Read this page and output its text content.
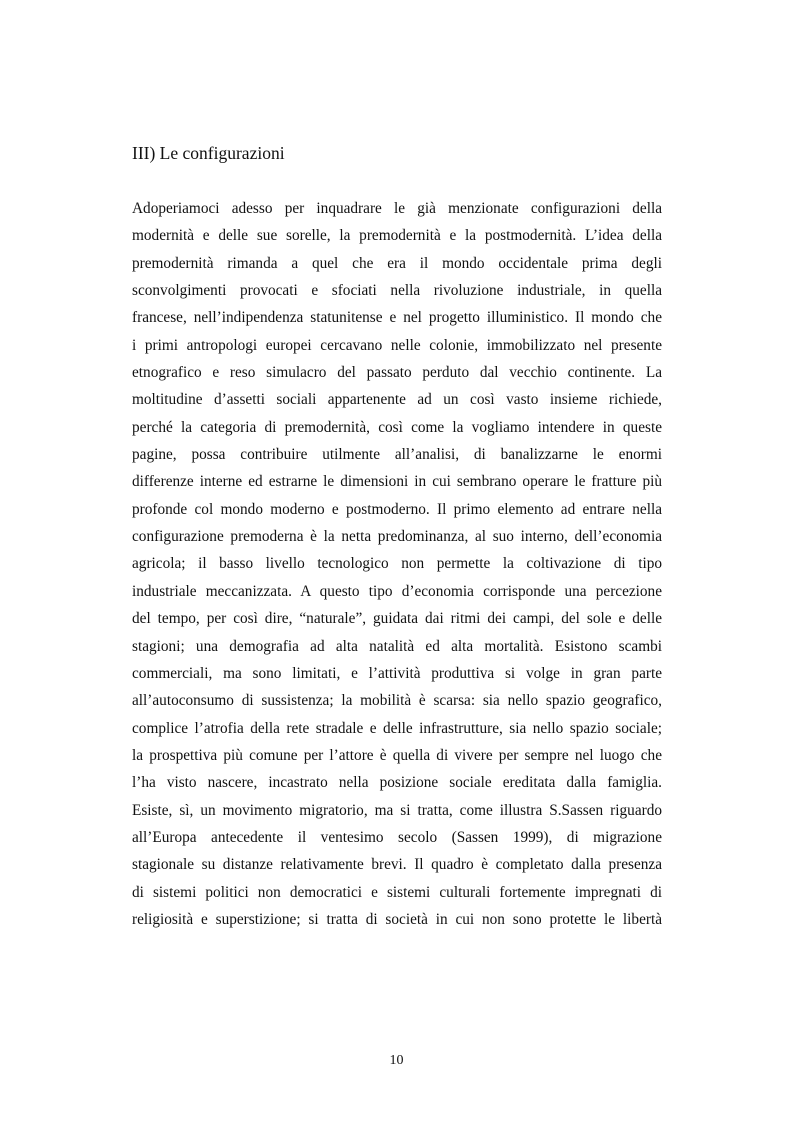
III) Le configurazioni
Adoperiamoci adesso per inquadrare le già menzionate configurazioni della
modernità e delle sue sorelle, la premodernità e la postmodernità. L’idea della
premodernità rimanda a quel che era il mondo occidentale prima degli
sconvolgimenti provocati e sfociati nella rivoluzione industriale, in quella
francese, nell’indipendenza statunitense e nel progetto illuministico. Il mondo che
i primi antropologi europei cercavano nelle colonie, immobilizzato nel presente
etnografico e reso simulacro del passato perduto dal vecchio continente. La
moltitudine d’assetti sociali appartenente ad un così vasto insieme richiede,
perché la categoria di premodernità, così come la vogliamo intendere in queste
pagine, possa contribuire utilmente all’analisi, di banalizzarne le enormi
differenze interne ed estrarne le dimensioni in cui sembrano operare le fratture più
profonde col mondo moderno e postmoderno. Il primo elemento ad entrare nella
configurazione premoderna è la netta predominanza, al suo interno, dell’economia
agricola; il basso livello tecnologico non permette la coltivazione di tipo
industriale meccanizzata. A questo tipo d’economia corrisponde una percezione
del tempo, per così dire, “naturale”, guidata dai ritmi dei campi, del sole e delle
stagioni; una demografia ad alta natalità ed alta mortalità. Esistono scambi
commerciali, ma sono limitati, e l’attività produttiva si volge in gran parte
all’autoconsumo di sussistenza; la mobilità è scarsa: sia nello spazio geografico,
complice l’atrofia della rete stradale e delle infrastrutture, sia nello spazio sociale;
la prospettiva più comune per l’attore è quella di vivere per sempre nel luogo che
l’ha visto nascere, incastrato nella posizione sociale ereditata dalla famiglia.
Esiste, sì, un movimento migratorio, ma si tratta, come illustra S.Sassen riguardo
all’Europa antecedente il ventesimo secolo (Sassen 1999), di migrazione
stagionale su distanze relativamente brevi. Il quadro è completato dalla presenza
di sistemi politici non democratici e sistemi culturali fortemente impregnati di
religiosità e superstizione; si tratta di società in cui non sono protette le libertà
10
